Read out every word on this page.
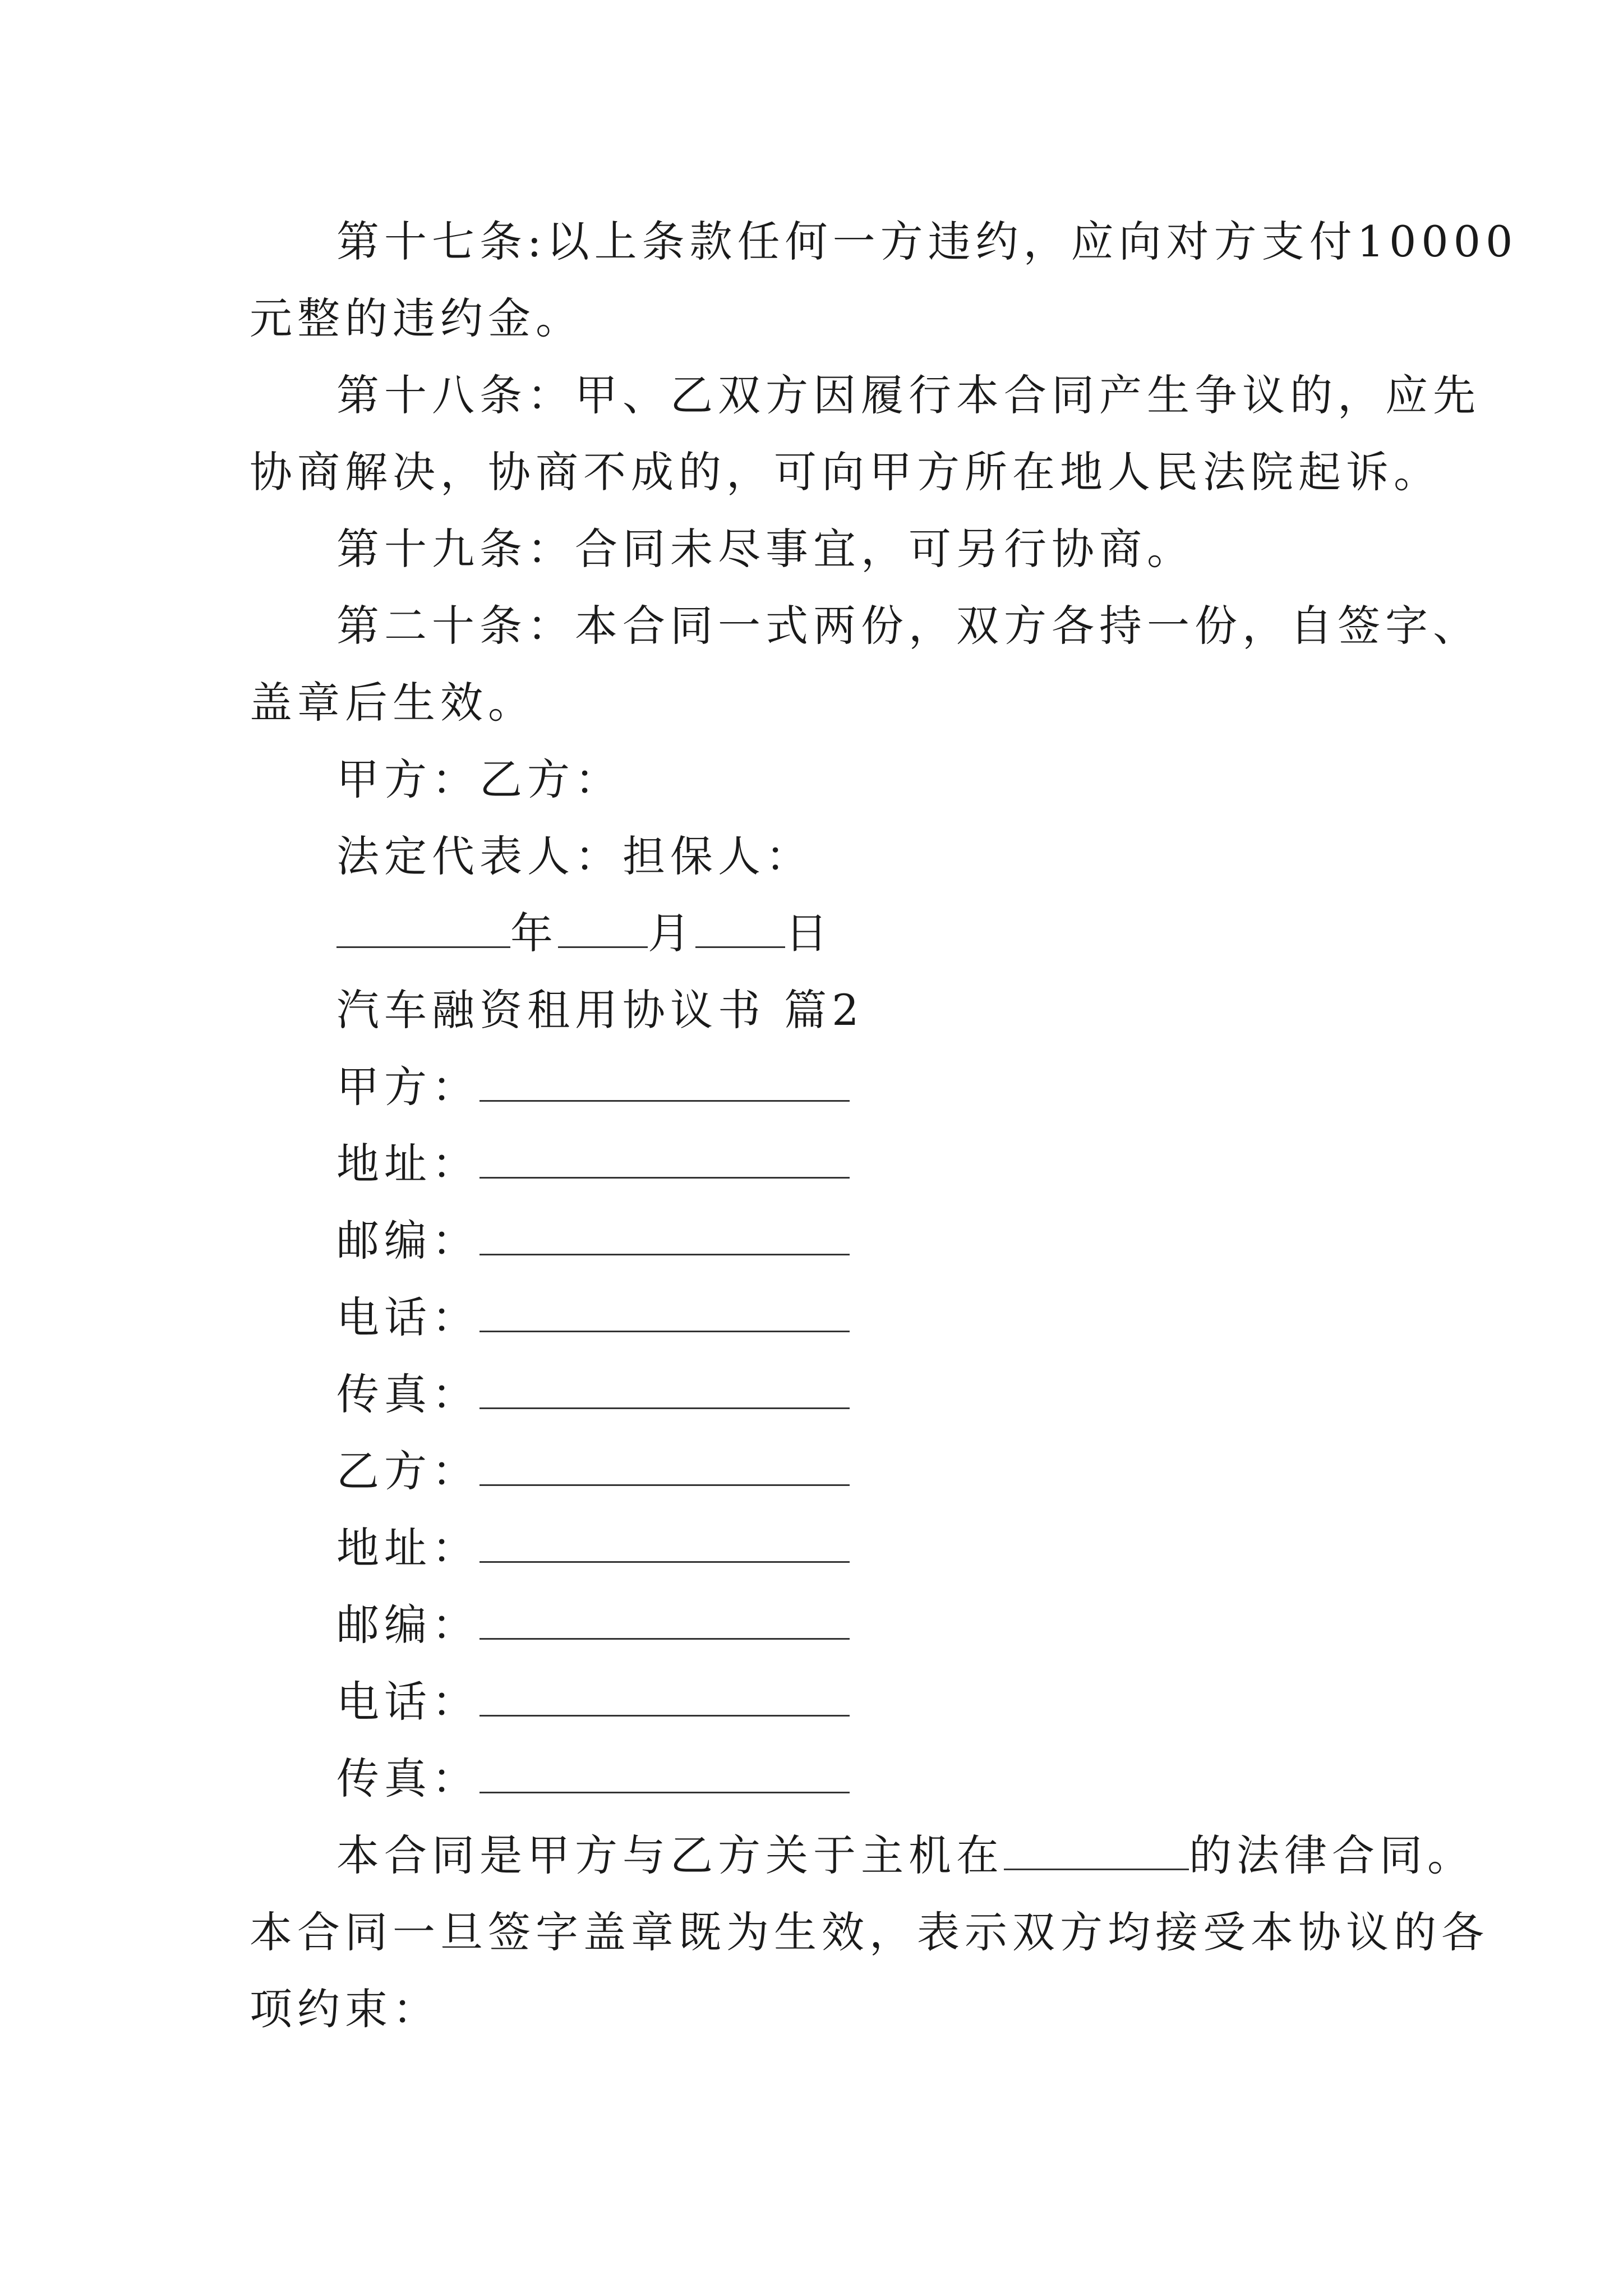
第十七条:以上条款任何一方违约，应向对方支付10000
元整的违约金。
第十八条：甲、乙双方因履行本合同产生争议的，应先
协商解决，协商不成的，可向甲方所在地人民法院起诉。
第十九条：合同未尽事宜，可另行协商。
第二十条：本合同一式两份，双方各持一份，自签字、
盖章后生效。
甲方：乙方：
法定代表人：担保人：
年 月 日
汽车融资租用协议书 篇2
甲方：
地址：
邮编：
电话：
传真：
乙方：
地址：
邮编：
电话：
传真：
本合同是甲方与乙方关于主机在	的法律合同。
本合同一旦签字盖章既为生效，表示双方均接受本协议的各
项约束：
